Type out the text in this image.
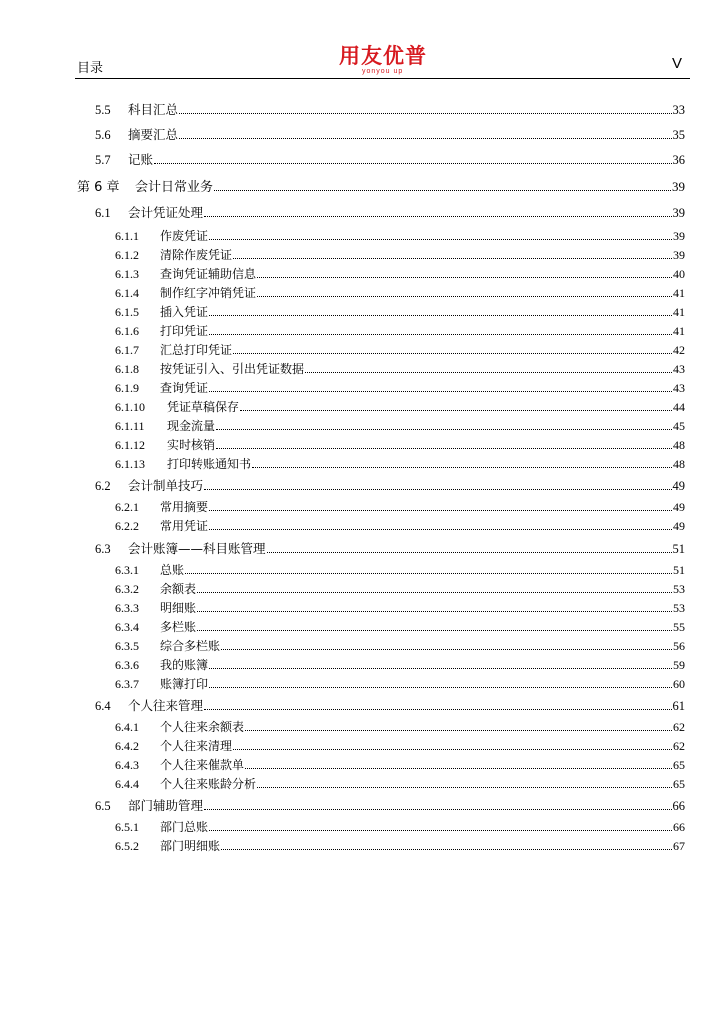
目录
用友优普
yonyou up	V
5.5	科目汇总	33
5.6	摘要汇总	35
5.7	记账	36
第 6 章	会计日常业务	39
6.1	会计凭证处理	39
6.1.1	作废凭证	39
6.1.2	清除作废凭证	39
6.1.3	查询凭证辅助信息	40
6.1.4	制作红字冲销凭证	41
6.1.5	插入凭证	41
6.1.6	打印凭证	41
6.1.7	汇总打印凭证	42
6.1.8	按凭证引入、引出凭证数据	43
6.1.9	查询凭证	43
6.1.10	凭证草稿保存	44
6.1.11	现金流量	45
6.1.12	实时核销	48
6.1.13	打印转账通知书	48
6.2	会计制单技巧	49
6.2.1	常用摘要	49
6.2.2	常用凭证	49
6.3	会计账簿——科目账管理	51
6.3.1	总账	51
6.3.2	余额表	53
6.3.3	明细账	53
6.3.4	多栏账	55
6.3.5	综合多栏账	56
6.3.6	我的账簿	59
6.3.7	账簿打印	60
6.4	个人往来管理	61
6.4.1	个人往来余额表	62
6.4.2	个人往来清理	62
6.4.3	个人往来催款单	65
6.4.4	个人往来账龄分析	65
6.5	部门辅助管理	66
6.5.1	部门总账	66
6.5.2	部门明细账	67
